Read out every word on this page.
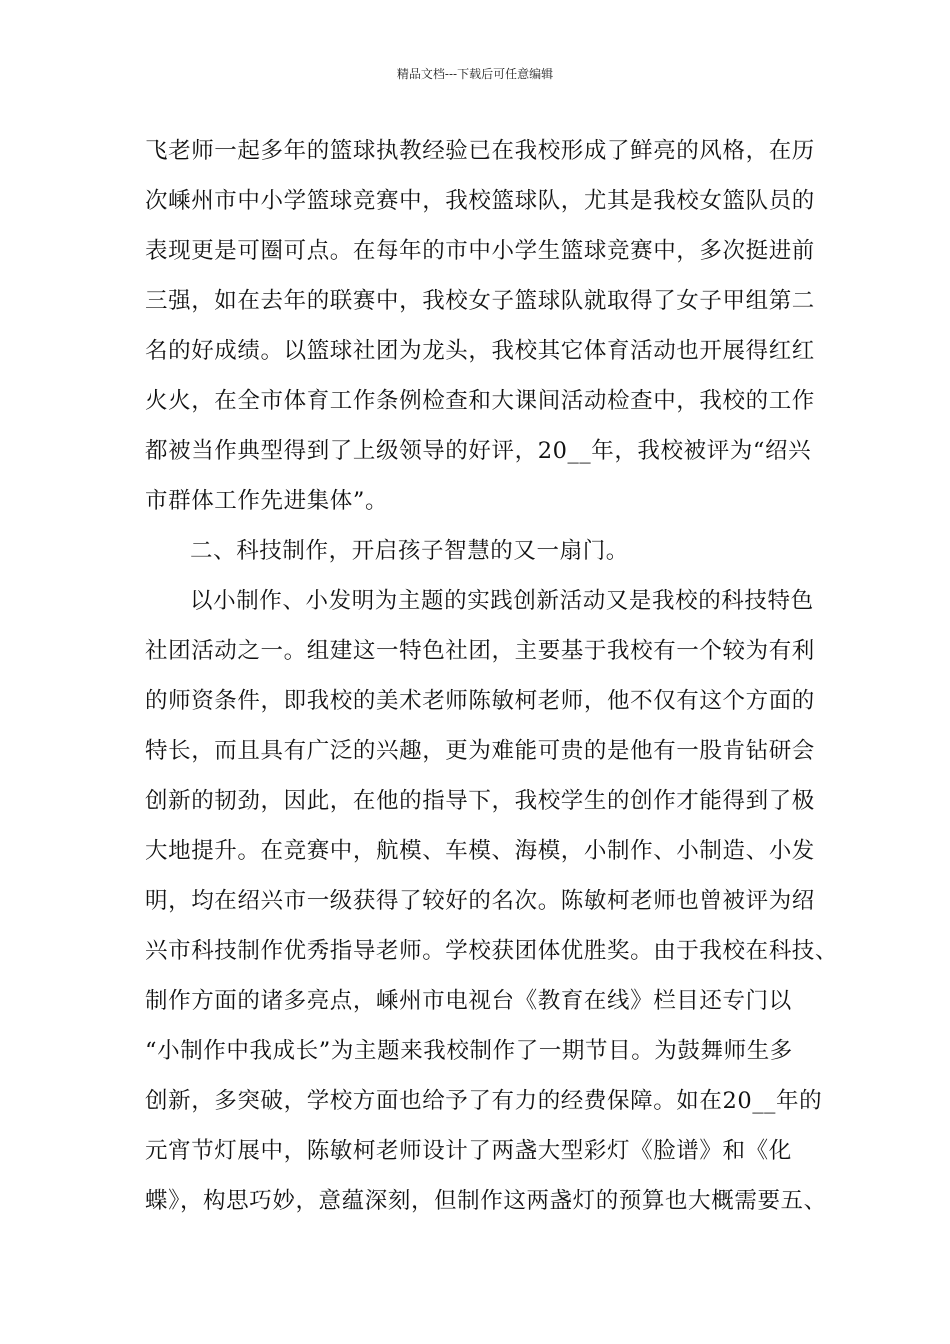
精品文档---下载后可任意编辑
飞老师一起多年的篮球执教经验已在我校形成了鲜亮的风格，在历
次嵊州市中小学篮球竞赛中，我校篮球队，尤其是我校女篮队员的
表现更是可圈可点。在每年的市中小学生篮球竞赛中，多次挺进前
三强，如在去年的联赛中，我校女子篮球队就取得了女子甲组第二
名的好成绩。以篮球社团为龙头，我校其它体育活动也开展得红红
火火，在全市体育工作条例检查和大课间活动检查中，我校的工作
都被当作典型得到了上级领导的好评，20__年，我校被评为“绍兴
市群体工作先进集体”。
二、科技制作，开启孩子智慧的又一扇门。
以小制作、小发明为主题的实践创新活动又是我校的科技特色
社团活动之一。组建这一特色社团，主要基于我校有一个较为有利
的师资条件，即我校的美术老师陈敏柯老师，他不仅有这个方面的
特长，而且具有广泛的兴趣，更为难能可贵的是他有一股肯钻研会
创新的韧劲，因此，在他的指导下，我校学生的创作才能得到了极
大地提升。在竞赛中，航模、车模、海模，小制作、小制造、小发
明，均在绍兴市一级获得了较好的名次。陈敏柯老师也曾被评为绍
兴市科技制作优秀指导老师。学校获团体优胜奖。由于我校在科技、
制作方面的诸多亮点，嵊州市电视台《教育在线》栏目还专门以
“小制作中我成长”为主题来我校制作了一期节目。为鼓舞师生多
创新，多突破，学校方面也给予了有力的经费保障。如在20__年的
元宵节灯展中，陈敏柯老师设计了两盏大型彩灯《脸谱》和《化
蝶》，构思巧妙，意蕴深刻，但制作这两盏灯的预算也大概需要五、
